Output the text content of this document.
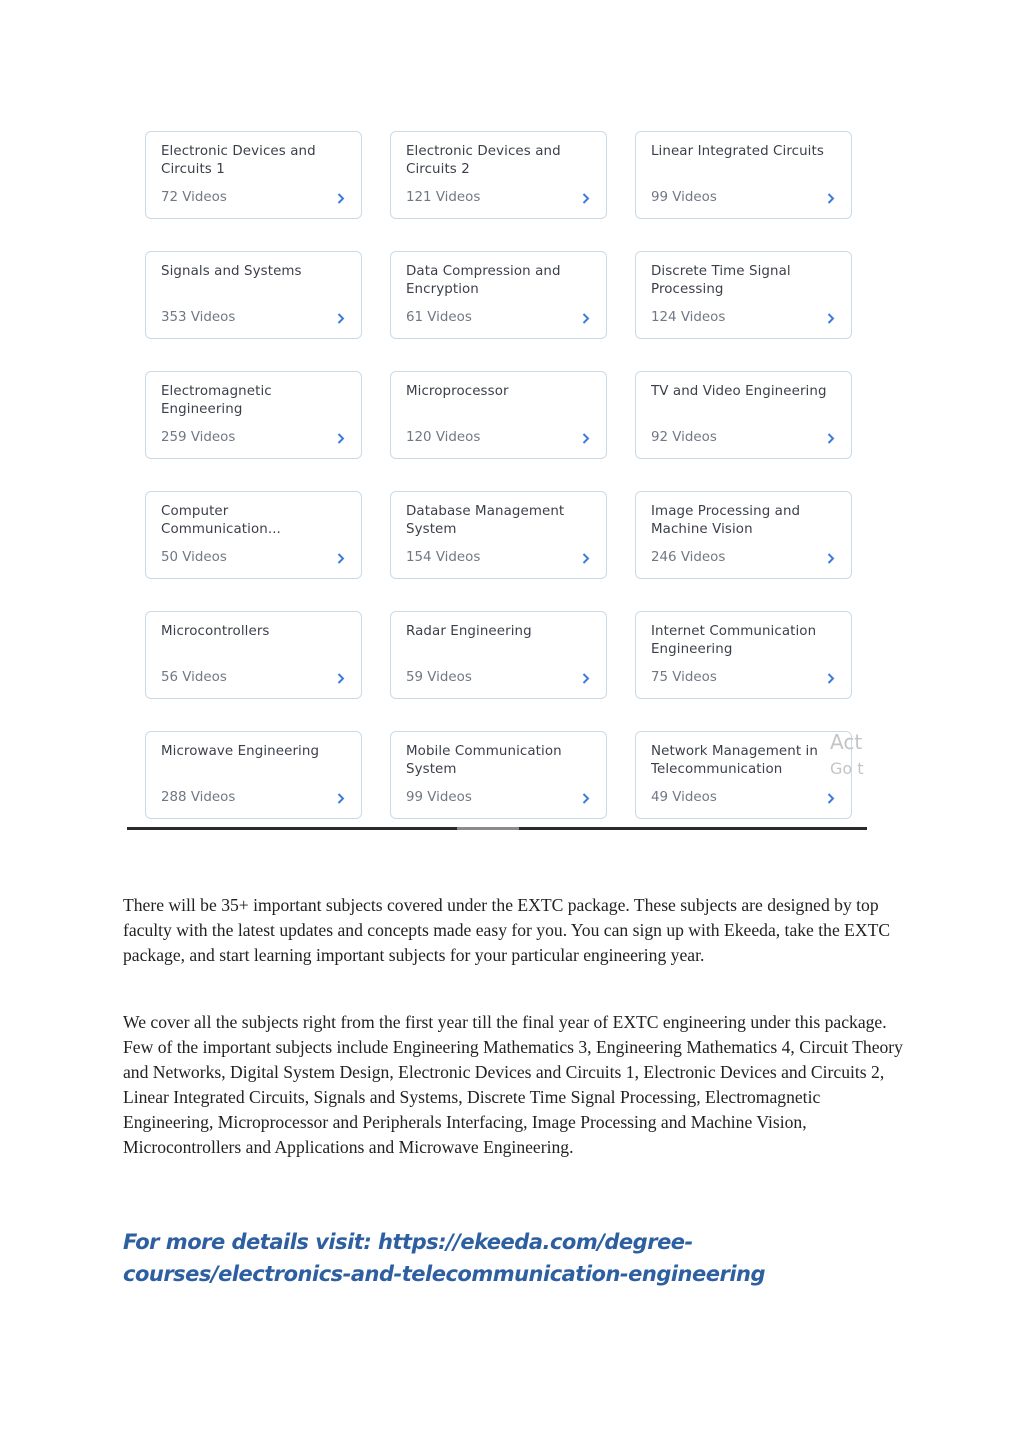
Electronic Devices and Circuits 1
72 Videos
Electronic Devices and Circuits 2
121 Videos
Linear Integrated Circuits
99 Videos
Signals and Systems
353 Videos
Data Compression and Encryption
61 Videos
Discrete Time Signal Processing
124 Videos
Electromagnetic Engineering
259 Videos
Microprocessor
120 Videos
TV and Video Engineering
92 Videos
Computer Communication...
50 Videos
Database Management System
154 Videos
Image Processing and Machine Vision
246 Videos
Microcontrollers
56 Videos
Radar Engineering
59 Videos
Internet Communication Engineering
75 Videos
Microwave Engineering
288 Videos
Mobile Communication System
99 Videos
Network Management in Telecommunication
49 Videos
Act
Go t

There will be 35+ important subjects covered under the EXTC package. These subjects are designed by top faculty with the latest updates and concepts made easy for you. You can sign up with Ekeeda, take the EXTC package, and start learning important subjects for your particular engineering year.

We cover all the subjects right from the first year till the final year of EXTC engineering under this package. Few of the important subjects include Engineering Mathematics 3, Engineering Mathematics 4, Circuit Theory and Networks, Digital System Design, Electronic Devices and Circuits 1, Electronic Devices and Circuits 2, Linear Integrated Circuits, Signals and Systems, Discrete Time Signal Processing, Electromagnetic Engineering, Microprocessor and Peripherals Interfacing, Image Processing and Machine Vision, Microcontrollers and Applications and Microwave Engineering.

For more details visit: https://ekeeda.com/degree-courses/electronics-and-telecommunication-engineering
